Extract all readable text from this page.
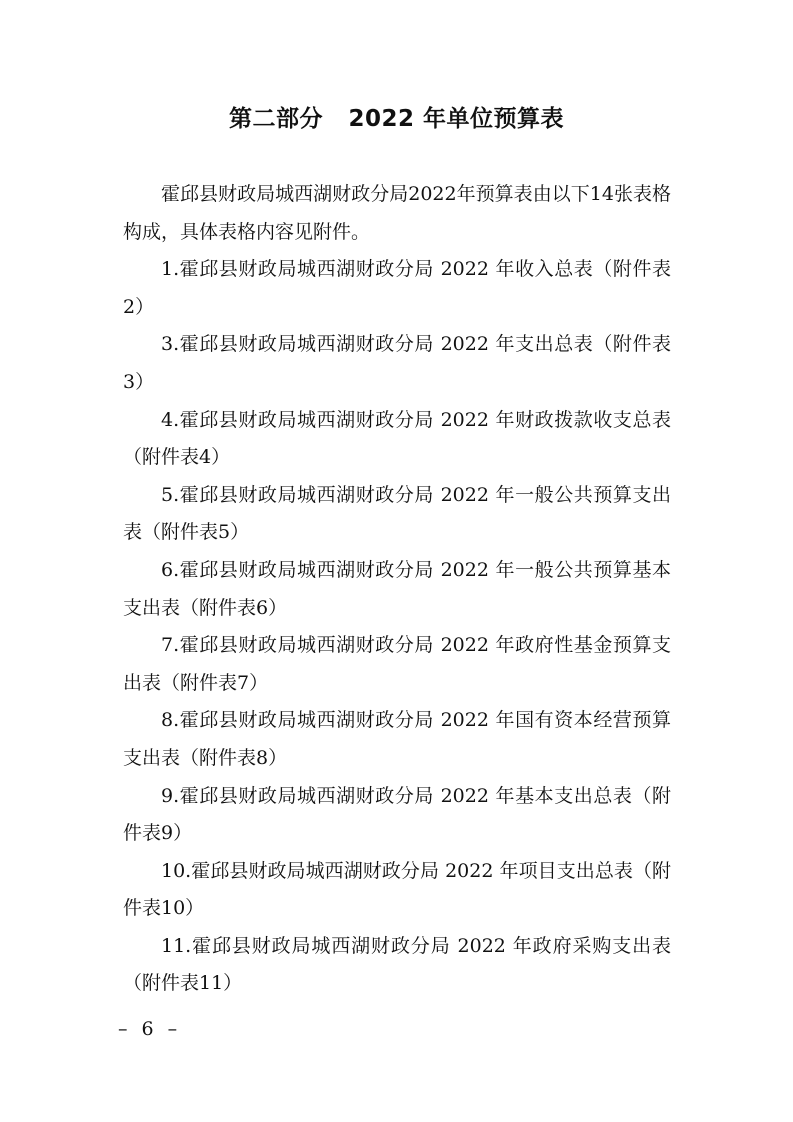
第二部分   2022 年单位预算表

霍邱县财政局城西湖财政分局2022年预算表由以下14张表格构成，具体表格内容见附件。

1.霍邱县财政局城西湖财政分局 2022 年收入总表（附件表2）

3.霍邱县财政局城西湖财政分局 2022 年支出总表（附件表3）

4.霍邱县财政局城西湖财政分局 2022 年财政拨款收支总表（附件表4）

5.霍邱县财政局城西湖财政分局 2022 年一般公共预算支出表（附件表5）

6.霍邱县财政局城西湖财政分局 2022 年一般公共预算基本支出表（附件表6）

7.霍邱县财政局城西湖财政分局 2022 年政府性基金预算支出表（附件表7）

8.霍邱县财政局城西湖财政分局 2022 年国有资本经营预算支出表（附件表8）

9.霍邱县财政局城西湖财政分局 2022 年基本支出总表（附件表9）

10.霍邱县财政局城西湖财政分局 2022 年项目支出总表（附件表10）

11.霍邱县财政局城西湖财政分局 2022 年政府采购支出表（附件表11）

– 6 –
